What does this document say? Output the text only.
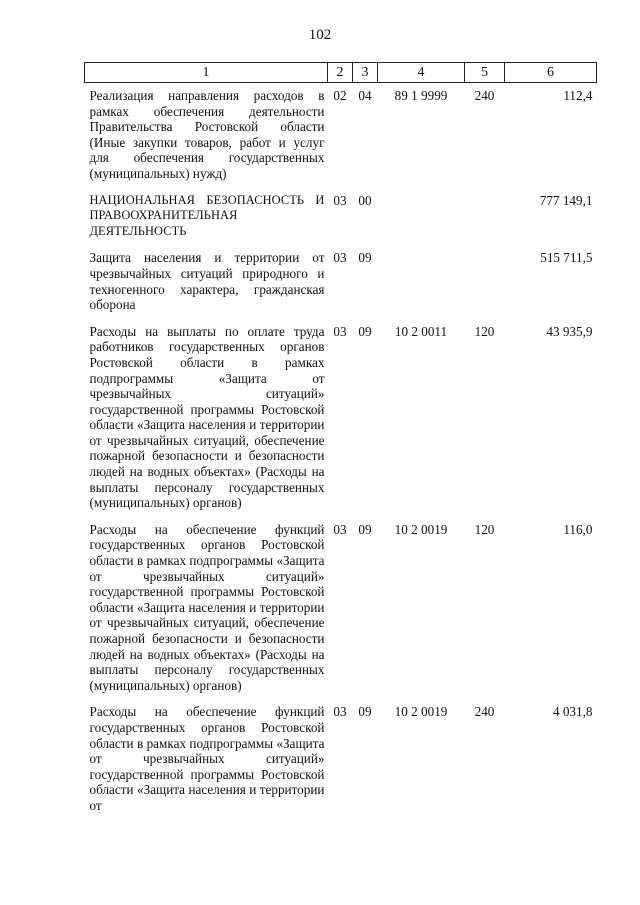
102
1	2	3	4	5	6
Реализация направления расходов в рамках обеспечения деятельности Правительства Ростовской области (Иные закупки товаров, работ и услуг для обеспечения государственных (муниципальных) нужд)	02	04	89 1 9999	240	112,4
НАЦИОНАЛЬНАЯ БЕЗОПАСНОСТЬ И ПРАВООХРАНИТЕЛЬНАЯ ДЕЯТЕЛЬНОСТЬ	03	00			777 149,1
Защита населения и территории от чрезвычайных ситуаций природного и техногенного характера, гражданская оборона	03	09			515 711,5
Расходы на выплаты по оплате труда работников государственных органов Ростовской области в рамках подпрограммы «Защита от чрезвычайных ситуаций» государственной программы Ростовской области «Защита населения и территории от чрезвычайных ситуаций, обеспечение пожарной безопасности и безопасности людей на водных объектах» (Расходы на выплаты персоналу государственных (муниципальных) органов)	03	09	10 2 0011	120	43 935,9
Расходы на обеспечение функций государственных органов Ростовской области в рамках подпрограммы «Защита от чрезвычайных ситуаций» государственной программы Ростовской области «Защита населения и территории от чрезвычайных ситуаций, обеспечение пожарной безопасности и безопасности людей на водных объектах» (Расходы на выплаты персоналу государственных (муниципальных) органов)	03	09	10 2 0019	120	116,0
Расходы на обеспечение функций государственных органов Ростовской области в рамках подпрограммы «Защита от чрезвычайных ситуаций» государственной программы Ростовской области «Защита населения и территории от	03	09	10 2 0019	240	4 031,8
